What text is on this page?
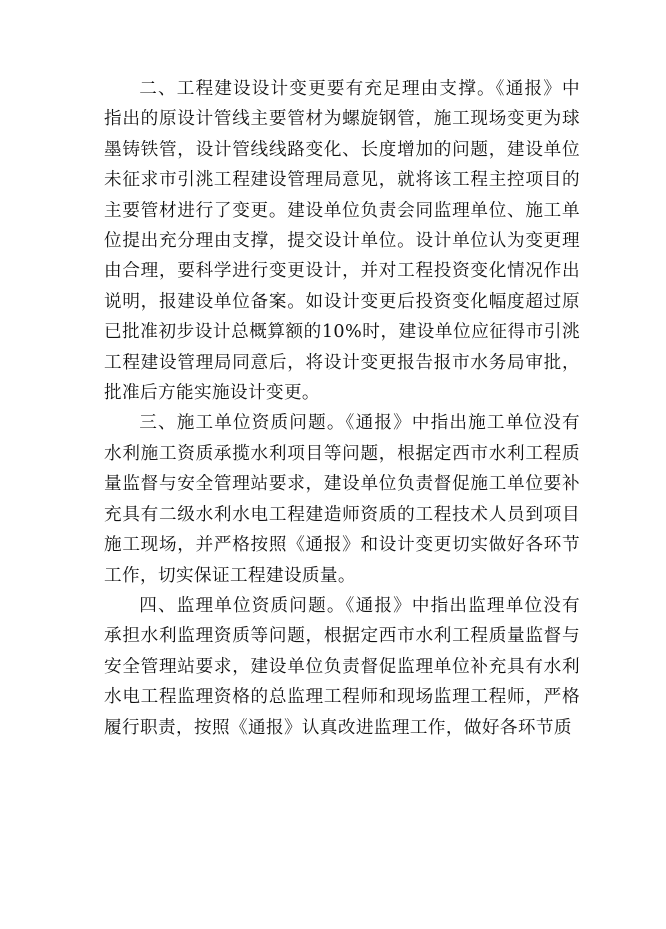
二、工程建设设计变更要有充足理由支撑。《通报》中指出的原设计管线主要管材为螺旋钢管，施工现场变更为球墨铸铁管，设计管线线路变化、长度增加的问题，建设单位未征求市引洮工程建设管理局意见，就将该工程主控项目的主要管材进行了变更。建设单位负责会同监理单位、施工单位提出充分理由支撑，提交设计单位。设计单位认为变更理由合理，要科学进行变更设计，并对工程投资变化情况作出说明，报建设单位备案。如设计变更后投资变化幅度超过原已批准初步设计总概算额的10%时，建设单位应征得市引洮工程建设管理局同意后，将设计变更报告报市水务局审批，批准后方能实施设计变更。

三、施工单位资质问题。《通报》中指出施工单位没有水利施工资质承揽水利项目等问题，根据定西市水利工程质量监督与安全管理站要求，建设单位负责督促施工单位要补充具有二级水利水电工程建造师资质的工程技术人员到项目施工现场，并严格按照《通报》和设计变更切实做好各环节工作，切实保证工程建设质量。

四、监理单位资质问题。《通报》中指出监理单位没有承担水利监理资质等问题，根据定西市水利工程质量监督与安全管理站要求，建设单位负责督促监理单位补充具有水利水电工程监理资格的总监理工程师和现场监理工程师，严格履行职责，按照《通报》认真改进监理工作，做好各环节质
